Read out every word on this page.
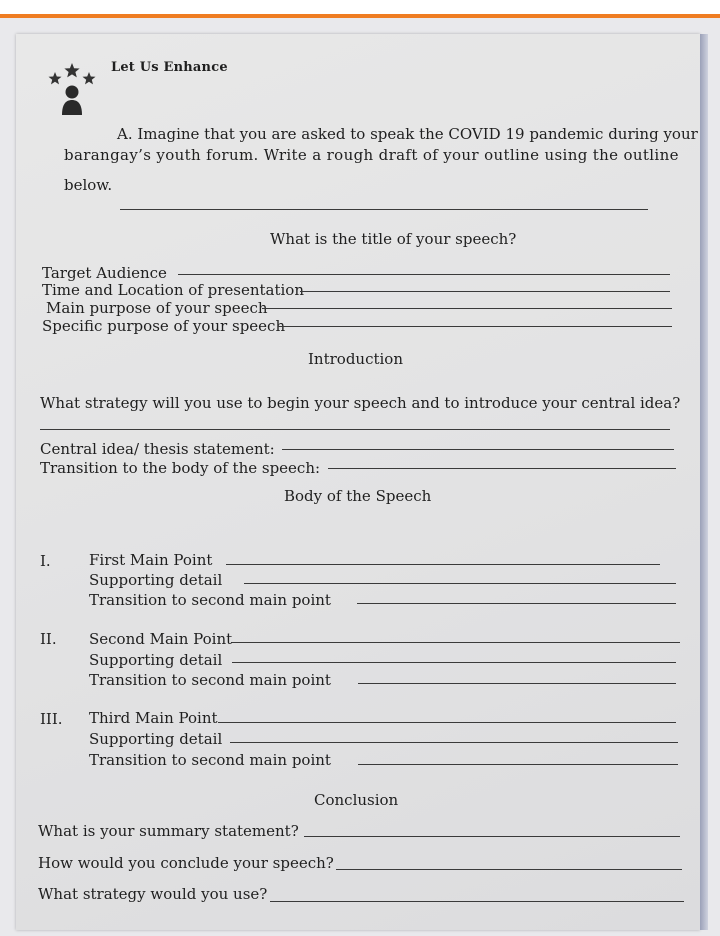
Let Us Enhance
A. Imagine that you are asked to speak the COVID 19 pandemic during your
barangay’s youth forum. Write a rough draft of your outline using the outline
below.
What is the title of your speech?
Target Audience
Time and Location of presentation
Main purpose of your speech
Specific purpose of your speech
Introduction
What strategy will you use to begin your speech and to introduce your central idea?
Central idea/ thesis statement:
Transition to the body of the speech:
Body of the Speech
I.	First Main Point
Supporting detail
Transition to second main point
II. Second Main Point
Supporting detail
Transition to second main point
III. Third Main Point
Supporting detail
Transition to second main point
Conclusion
What is your summary statement?
How would you conclude your speech?
What strategy would you use?
